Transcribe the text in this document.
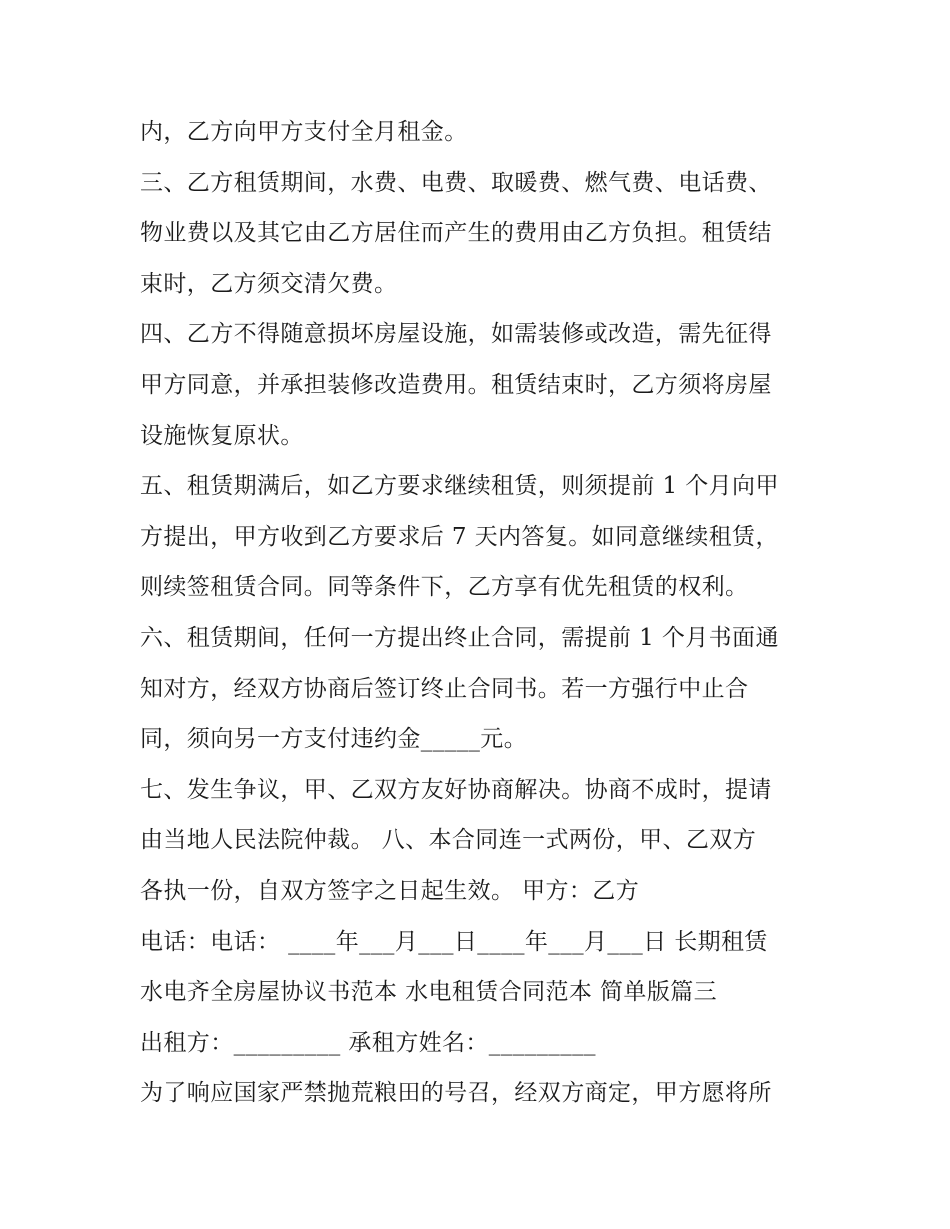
内，乙方向甲方支付全月租金。
三、乙方租赁期间，水费、电费、取暖费、燃气费、电话费、
物业费以及其它由乙方居住而产生的费用由乙方负担。租赁结
束时，乙方须交清欠费。
四、乙方不得随意损坏房屋设施，如需装修或改造，需先征得
甲方同意，并承担装修改造费用。租赁结束时，乙方须将房屋
设施恢复原状。
五、租赁期满后，如乙方要求继续租赁，则须提前 1 个月向甲
方提出，甲方收到乙方要求后 7 天内答复。如同意继续租赁，
则续签租赁合同。同等条件下，乙方享有优先租赁的权利。
六、租赁期间，任何一方提出终止合同，需提前 1 个月书面通
知对方，经双方协商后签订终止合同书。若一方强行中止合
同，须向另一方支付违约金_____元。
七、发生争议，甲、乙双方友好协商解决。协商不成时，提请
由当地人民法院仲裁。 八、本合同连一式两份，甲、乙双方
各执一份，自双方签字之日起生效。 甲方：乙方
电话：电话： ____年___月___日____年___月___日 长期租赁
水电齐全房屋协议书范本 水电租赁合同范本 简单版篇三
出租方：_________ 承租方姓名：_________
为了响应国家严禁抛荒粮田的号召，经双方商定，甲方愿将所
